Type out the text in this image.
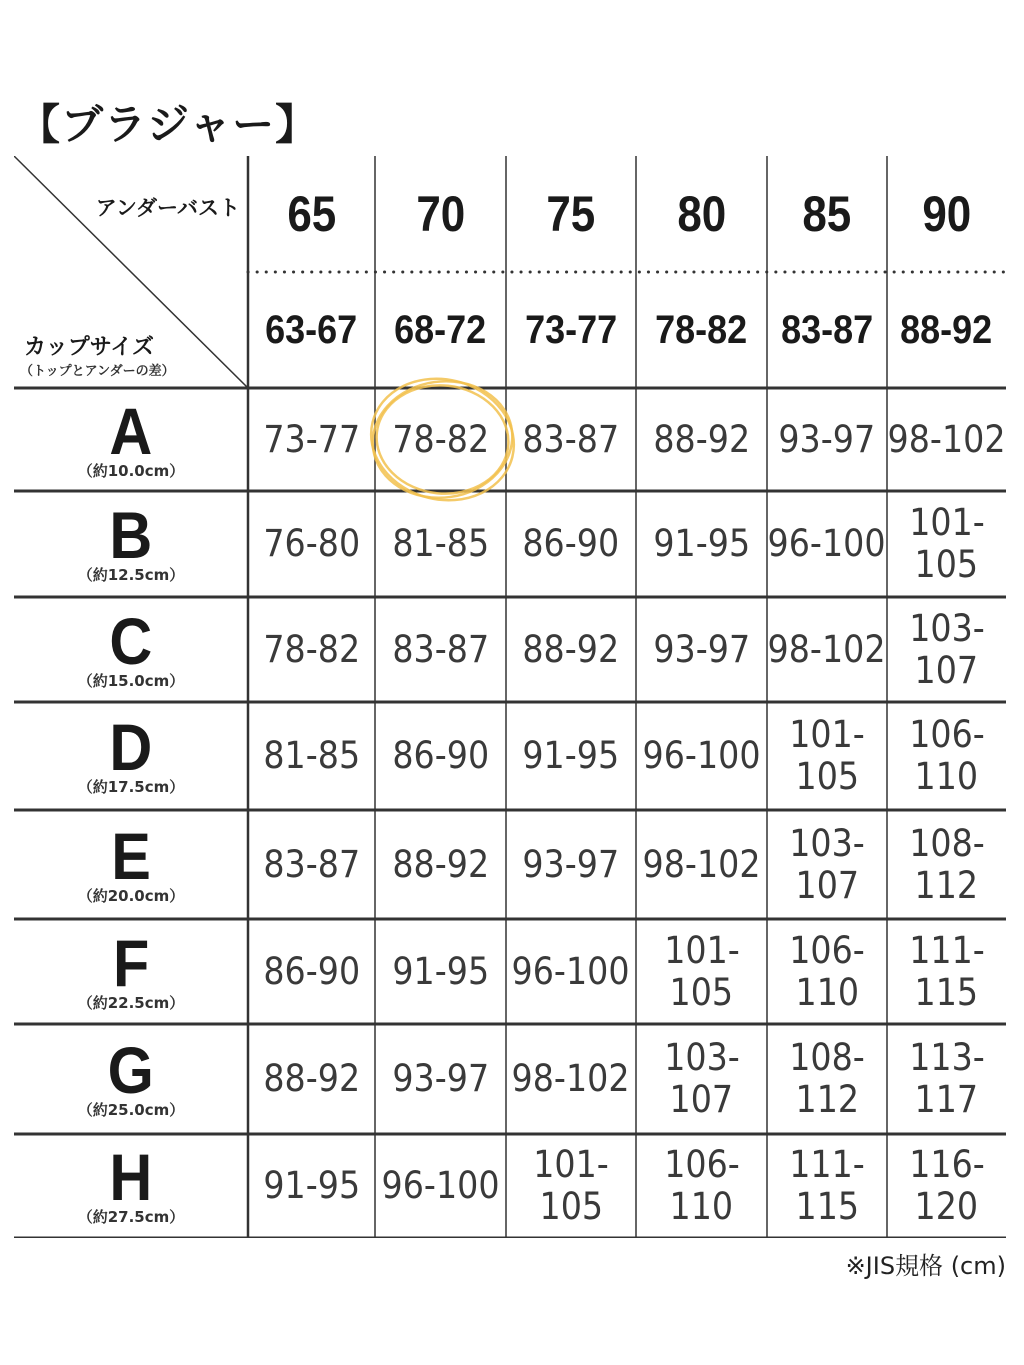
【ブラジャー】
アンダーバスト
カップサイズ
（トップとアンダーの差）
65
63-67
70
68-72
75
73-77
80
78-82
85
83-87
90
88-92
A
（約10.0cm）
73-77 78-82 83-87 88-92 93-97 98-102
B
（約12.5cm）
76-80 81-85 86-90 91-95 96-100 101-
105
C
（約15.0cm）
78-82 83-87 88-92 93-97 98-102 103-
107
D
（約17.5cm）
81-85 86-90 91-95 96-100 101-
105
106-
110
E
（約20.0cm）
83-87 88-92 93-97 98-102 103-
107
108-
112
F
（約22.5cm）
86-90 91-95 96-100 101-
105
106-
110
111-
115
G
（約25.0cm）
88-92 93-97 98-102 103-
107
108-
112
113-
117
H
（約27.5cm）
91-95 96-100 101-
105
106-
110
111-
115
116-
120

※JIS規格 (cm)
